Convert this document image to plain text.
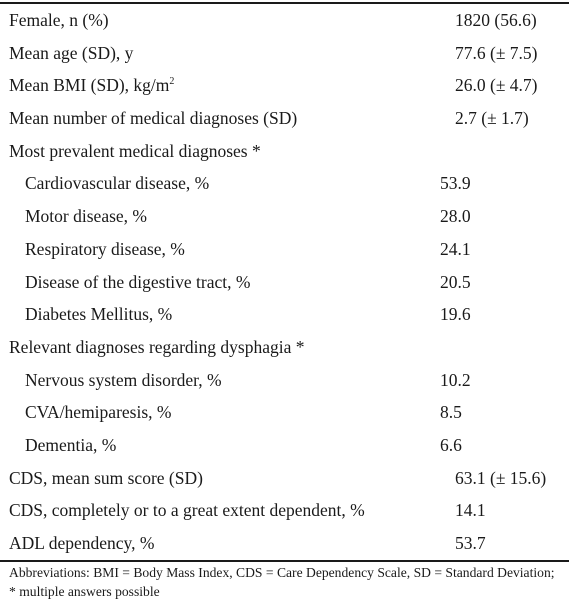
Female, n (%)	1820 (56.6)
Mean age (SD), y	77.6 (± 7.5)
Mean BMI (SD), $kg/m^2$	26.0 (± 4.7)
Mean number of medical diagnoses (SD)	2.7 (± 1.7)
Most prevalent medical diagnoses *
Cardiovascular disease, %	53.9
Motor disease, %	28.0
Respiratory disease, %	24.1
Disease of the digestive tract, %	20.5
Diabetes Mellitus, %	19.6
Relevant diagnoses regarding dysphagia *
Nervous system disorder, %	10.2
CVA/hemiparesis, %	8.5
Dementia, %	6.6
CDS, mean sum score (SD)	63.1 (± 15.6)
CDS, completely or to a great extent dependent, %	14.1
ADL dependency, %	53.7
Abbreviations: BMI = Body Mass Index, CDS = Care Dependency Scale, SD = Standard Deviation; * multiple answers possible
